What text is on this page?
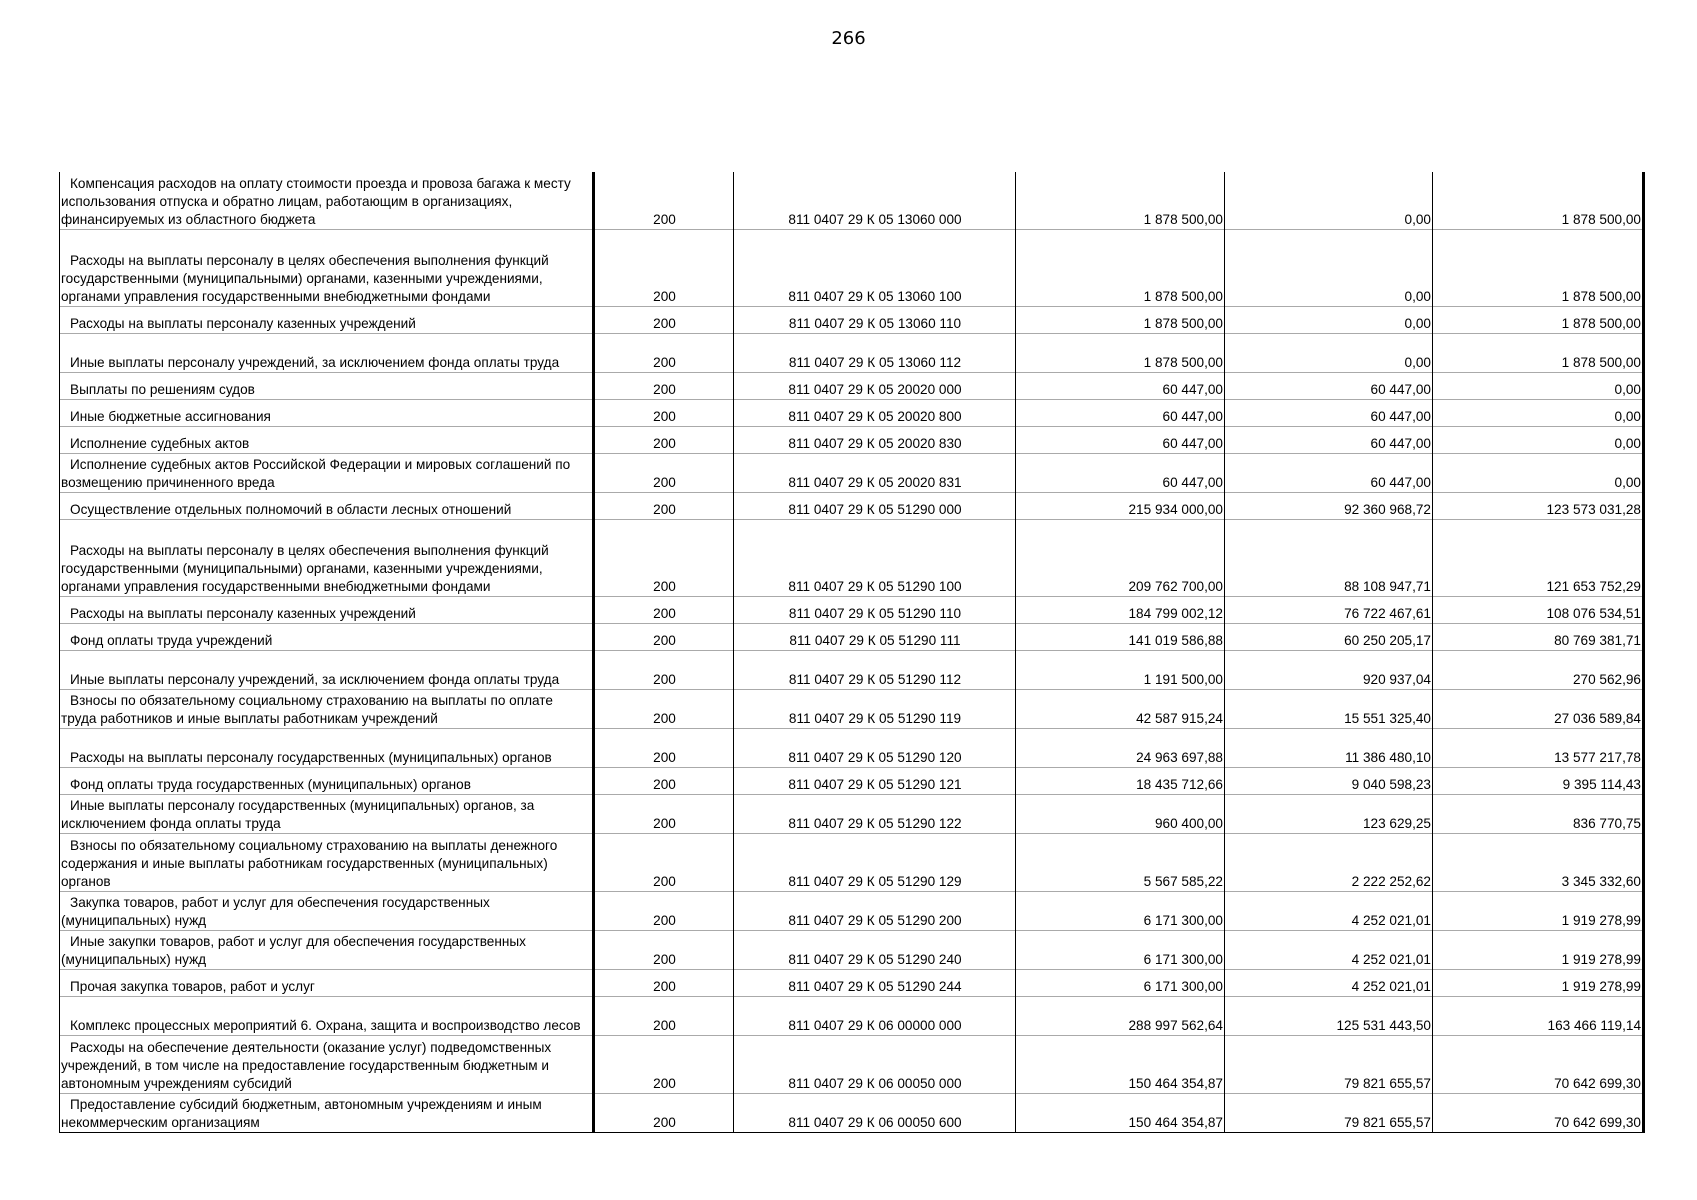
266
Компенсация расходов на оплату стоимости проезда и провоза багажа к месту использования отпуска и обратно лицам, работающим в организациях, финансируемых из областного бюджета	200	811 0407 29 К 05 13060 000	1 878 500,00	0,00	1 878 500,00
Расходы на выплаты персоналу в целях обеспечения выполнения функций государственными (муниципальными) органами, казенными учреждениями, органами управления государственными внебюджетными фондами	200	811 0407 29 К 05 13060 100	1 878 500,00	0,00	1 878 500,00
Расходы на выплаты персоналу казенных учреждений	200	811 0407 29 К 05 13060 110	1 878 500,00	0,00	1 878 500,00
Иные выплаты персоналу учреждений, за исключением фонда оплаты труда	200	811 0407 29 К 05 13060 112	1 878 500,00	0,00	1 878 500,00
Выплаты по решениям судов	200	811 0407 29 К 05 20020 000	60 447,00	60 447,00	0,00
Иные бюджетные ассигнования	200	811 0407 29 К 05 20020 800	60 447,00	60 447,00	0,00
Исполнение судебных актов	200	811 0407 29 К 05 20020 830	60 447,00	60 447,00	0,00
Исполнение судебных актов Российской Федерации и мировых соглашений по возмещению причиненного вреда	200	811 0407 29 К 05 20020 831	60 447,00	60 447,00	0,00
Осуществление отдельных полномочий в области лесных отношений	200	811 0407 29 К 05 51290 000	215 934 000,00	92 360 968,72	123 573 031,28
Расходы на выплаты персоналу в целях обеспечения выполнения функций государственными (муниципальными) органами, казенными учреждениями, органами управления государственными внебюджетными фондами	200	811 0407 29 К 05 51290 100	209 762 700,00	88 108 947,71	121 653 752,29
Расходы на выплаты персоналу казенных учреждений	200	811 0407 29 К 05 51290 110	184 799 002,12	76 722 467,61	108 076 534,51
Фонд оплаты труда учреждений	200	811 0407 29 К 05 51290 111	141 019 586,88	60 250 205,17	80 769 381,71
Иные выплаты персоналу учреждений, за исключением фонда оплаты труда	200	811 0407 29 К 05 51290 112	1 191 500,00	920 937,04	270 562,96
Взносы по обязательному социальному страхованию на выплаты по оплате труда работников и иные выплаты работникам учреждений	200	811 0407 29 К 05 51290 119	42 587 915,24	15 551 325,40	27 036 589,84
Расходы на выплаты персоналу государственных (муниципальных) органов	200	811 0407 29 К 05 51290 120	24 963 697,88	11 386 480,10	13 577 217,78
Фонд оплаты труда государственных (муниципальных) органов	200	811 0407 29 К 05 51290 121	18 435 712,66	9 040 598,23	9 395 114,43
Иные выплаты персоналу государственных (муниципальных) органов, за исключением фонда оплаты труда	200	811 0407 29 К 05 51290 122	960 400,00	123 629,25	836 770,75
Взносы по обязательному социальному страхованию на выплаты денежного содержания и иные выплаты работникам государственных (муниципальных) органов	200	811 0407 29 К 05 51290 129	5 567 585,22	2 222 252,62	3 345 332,60
Закупка товаров, работ и услуг для обеспечения государственных (муниципальных) нужд	200	811 0407 29 К 05 51290 200	6 171 300,00	4 252 021,01	1 919 278,99
Иные закупки товаров, работ и услуг для обеспечения государственных (муниципальных) нужд	200	811 0407 29 К 05 51290 240	6 171 300,00	4 252 021,01	1 919 278,99
Прочая закупка товаров, работ и услуг	200	811 0407 29 К 05 51290 244	6 171 300,00	4 252 021,01	1 919 278,99
Комплекс процессных мероприятий 6. Охрана, защита и воспроизводство лесов	200	811 0407 29 К 06 00000 000	288 997 562,64	125 531 443,50	163 466 119,14
Расходы на обеспечение деятельности (оказание услуг) подведомственных учреждений, в том числе на предоставление государственным бюджетным и автономным учреждениям субсидий	200	811 0407 29 К 06 00050 000	150 464 354,87	79 821 655,57	70 642 699,30
Предоставление субсидий бюджетным, автономным учреждениям и иным некоммерческим организациям	200	811 0407 29 К 06 00050 600	150 464 354,87	79 821 655,57	70 642 699,30
